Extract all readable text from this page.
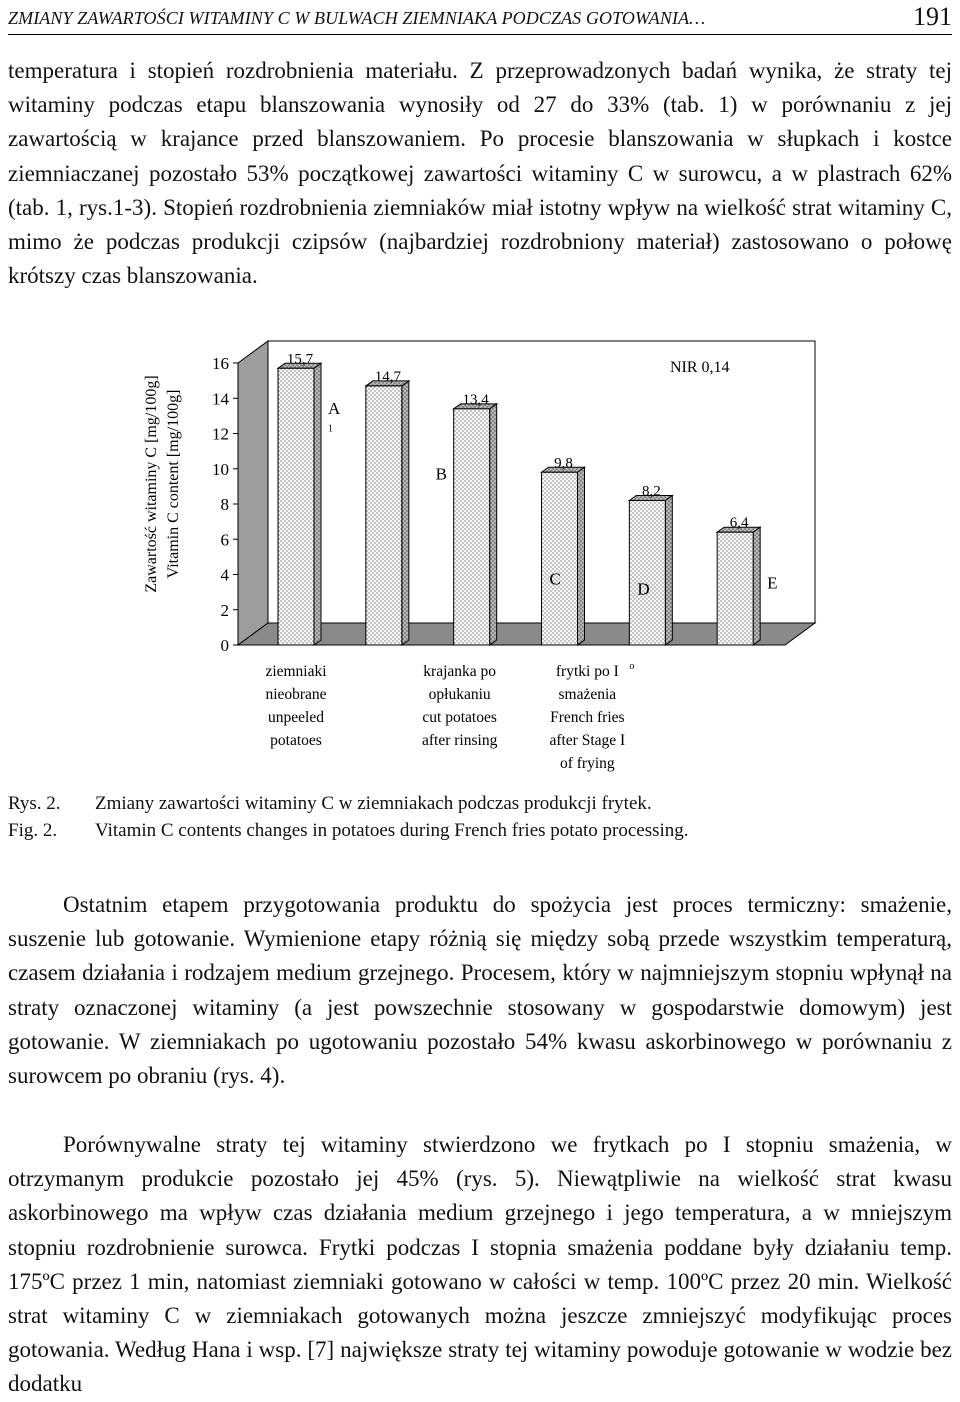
ZMIANY ZAWARTOŚCI WITAMINY C W BULWACH ZIEMNIAKA PODCZAS GOTOWANIA…	191
temperatura i stopień rozdrobnienia materiału. Z przeprowadzonych badań wynika, że straty tej witaminy podczas etapu blanszowania wynosiły od 27 do 33% (tab. 1) w porównaniu z jej zawartością w krajance przed blanszowaniem. Po procesie blanszowania w słupkach i kostce ziemniaczanej pozostało 53% początkowej zawartości witaminy C w surowcu, a w plastrach 62% (tab. 1, rys.1-3). Stopień rozdrobnienia ziemniaków miał istotny wpływ na wielkość strat witaminy C, mimo że podczas produkcji czipsów (najbardziej rozdrobniony materiał) zastosowano o połowę krótszy czas blanszowania.
0
2
4
6
8
10
12
14
16
Zawartość witaminy C [mg/100g] Vitamin C content [mg/100g]
15,7
A
14,7
13,4
B
9,8
C
8,2
D
6,4
E
1
NIR 0,14
ziemniaki
nieobrane
unpeeled
potatoes
krajanka po
opłukaniu
cut potatoes
after rinsing
frytki po I
smażenia
French fries
after Stage I
of frying
o
Rys. 2. Zmiany zawartości witaminy C w ziemniakach podczas produkcji frytek.
Fig. 2. Vitamin C contents changes in potatoes during French fries potato processing.
Ostatnim etapem przygotowania produktu do spożycia jest proces termiczny: smażenie, suszenie lub gotowanie. Wymienione etapy różnią się między sobą przede wszystkim temperaturą, czasem działania i rodzajem medium grzejnego. Procesem, który w najmniejszym stopniu wpłynął na straty oznaczonej witaminy (a jest powszechnie stosowany w gospodarstwie domowym) jest gotowanie. W ziemniakach po ugotowaniu pozostało 54% kwasu askorbinowego w porównaniu z surowcem po obraniu (rys. 4).
Porównywalne straty tej witaminy stwierdzono we frytkach po I stopniu smażenia, w otrzymanym produkcie pozostało jej 45% (rys. 5). Niewątpliwie na wielkość strat kwasu askorbinowego ma wpływ czas działania medium grzejnego i jego temperatura, a w mniejszym stopniu rozdrobnienie surowca. Frytki podczas I stopnia smażenia poddane były działaniu temp. 175ºC przez 1 min, natomiast ziemniaki gotowano w całości w temp. 100ºC przez 20 min. Wielkość strat witaminy C w ziemniakach gotowanych można jeszcze zmniejszyć modyfikując proces gotowania. Według Hana i wsp. [7] największe straty tej witaminy powoduje gotowanie w wodzie bez dodatku
